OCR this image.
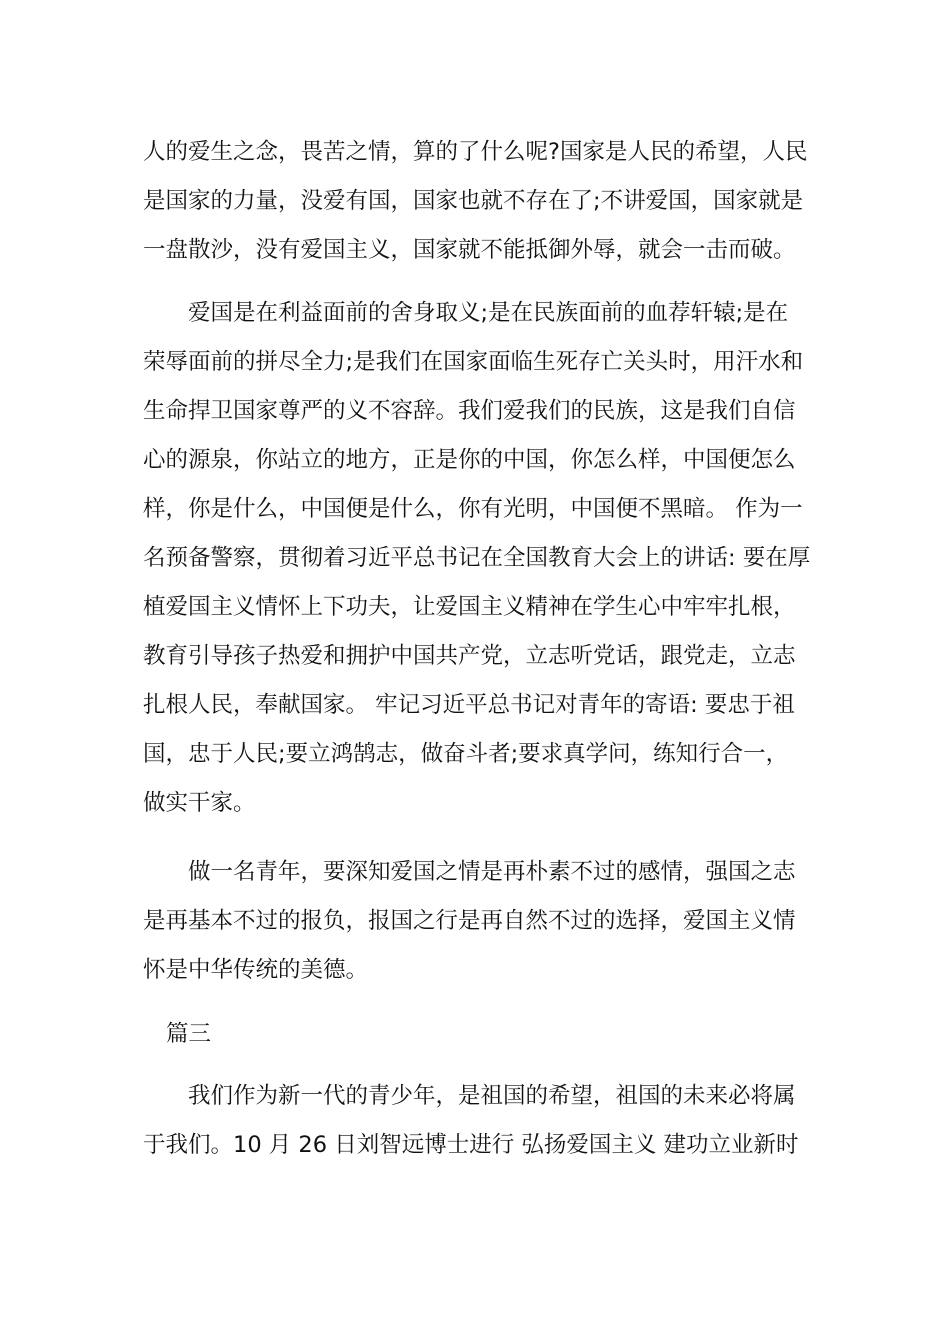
人的爱生之念，畏苦之情，算的了什么呢?国家是人民的希望，人民
是国家的力量，没爱有国，国家也就不存在了;不讲爱国，国家就是
一盘散沙，没有爱国主义，国家就不能抵御外辱，就会一击而破。
爱国是在利益面前的舍身取义;是在民族面前的血荐轩辕;是在
荣辱面前的拼尽全力;是我们在国家面临生死存亡关头时，用汗水和
生命捍卫国家尊严的义不容辞。我们爱我们的民族，这是我们自信
心的源泉，你站立的地方，正是你的中国，你怎么样，中国便怎么
样，你是什么，中国便是什么，你有光明，中国便不黑暗。 作为一
名预备警察，贯彻着习近平总书记在全国教育大会上的讲话: 要在厚
植爱国主义情怀上下功夫，让爱国主义精神在学生心中牢牢扎根，
教育引导孩子热爱和拥护中国共产党，立志听党话，跟党走，立志
扎根人民，奉献国家。 牢记习近平总书记对青年的寄语: 要忠于祖
国，忠于人民;要立鸿鹄志，做奋斗者;要求真学问，练知行合一，
做实干家。
做一名青年，要深知爱国之情是再朴素不过的感情，强国之志
是再基本不过的报负，报国之行是再自然不过的选择，爱国主义情
怀是中华传统的美德。
篇三
我们作为新一代的青少年，是祖国的希望，祖国的未来必将属
于我们。10 月 26 日刘智远博士进行 弘扬爱国主义 建功立业新时
